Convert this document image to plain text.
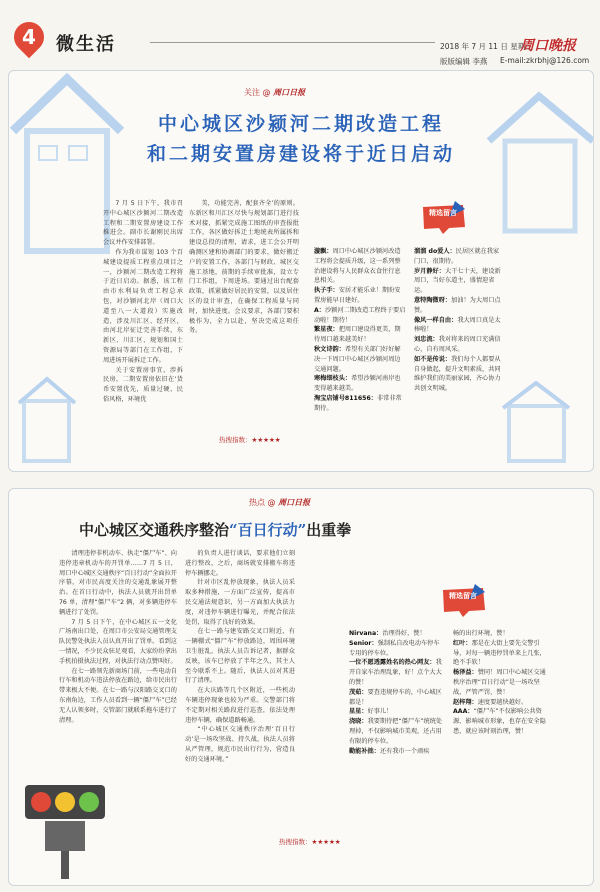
4	微生活	2018 年 7 月 11 日 星期三
周口晚报
版版编辑 李燕 E-mail:zkrbhj@126.com
关注 @ 周口日报
中心城区沙颍河二期改造工程
和二期安置房建设将于近日启动

7 月 5 日下午，我市召开中心城区沙颍河二期改造工程和二期安置房建设工作推进会。副市长谢刚民出席会议并作安排部署。

作为我市谋划 103 个百城建设提质工程重点项目之一，沙颍河二期改造工程将于近日启动。据悉，该工程由市水利局负责工程总承包，对沙颍河北岸（周口大道至八一大道段）实施改造，涉及川汇区、经开区，由河北岸征迁完善手续，东新区、川汇区、规划和国土资源局等部门在工作组，下周进场开展拆迁工作。

关于安置房事宜，涉拆民房，二期安置房依旧在‘货币安置优先，质量过硬，民俗风格，环境优

美，功能完善，配套齐全’的原则。东新区和川汇区尽快与规划部门进行技术对接，抓紧完成施工图纸的审查报批工作，各区做好拆迁土地统表所属拆和建设总投的清理，请求，进工会公开明确测区建和协调部门的要求，做好搬迁户的安置工作，各部门与财政、城区交施工基地，前期的手续审批准，设立专门工作组，下周进场。要通过出台配套政策，抓紧做好居民的安置，以及居住区的设计审查，在确保工程质量与同时，加快进度。会议要求，各部门要积极作为，全力以赴，坚决完成这项任务。

热搜指数：★★★★★
精选留言

漩飘：周口中心城区沙颍河改造工程将会提质升级，这一系列整治建设将与人民群众衣食住行息息相关。

执子手：安居才能乐业！期盼安置房能早日建好。

A：沙颍河二期改造工程终于要启动啦！期待！

繁星夜：把周口建设得更美，期待周口越来越美好！

秋文诗韵：希望有关部门好好解决一下周口中心城区沙颍河周边交通问题。

寒梅细枝头：希望沙颍河南岸也变得越来越美。

淘宝店铺号811656：非常非常期待。

溜溜 do爱人：民居区就在我家门口，很期待。

岁月静好：大干七十天，建设新周口，当好东道主，盛情迎省运。

意特陶微呀：加油！为大周口点赞。

像风一样自由：我大周口真是太棒啦！

刘忠流：我对将来的周口充满信心，自有周风采。

如不是传说：我们每个人都要从自身做起，提升文明素质，共同维护我们的美丽家园，齐心协力共创文明城。

热点 @ 周口日报
中心城区交通秩序整治“百日行动”出重拳

清理违停非机动车、执走“僵尸车”、向违停违章机动车的开罚单……7 月 5 日，周口中心城区交通秩序“百日行动”全面拉开序幕，对市民高度关注的交通乱象展开整治。在首日行动中，执法人员就开出罚单 76 单，清理“僵尸车”2 辆，对多辆违停车辆进行了处罚。

7 月 5 日下午，在中心城区五一文化广场南出口处，在周口市公安局交通管理支队民警处执法人员认真开出了罚单。看到这一情况，不少民众驻足观看，大家纷纷拿出手机拍摄执法过程，对执法行动点赞叫好。

在七一路领先新商场门前，一些电动自行车和机动车违法停放在路边，给市民出行带来极大不便。在七一路与汉阳路交叉口的东南角边，工作人员看到一辆“僵尸车”已经无人认领多时，交管部门就联系拖车进行了清理。

的负责人进行谈话，要求他们立刻进行整改，之后，商场就安排搬车将违停车辆挪走。

针对市区乱停放现象，执法人员采取多种措施，一方面广泛宣传，提高市民交通法规意识，另一方面加大执法力度，对违停车辆进行曝光，并配合依法处罚，取得了良好的效果。

在七一路与建安路交叉口附近，有一辆棚式“僵尸车”停放路边，周围环境卫生脏乱，执法人员告诉记者，据群众反映，该车已停放了半年之久，其主人至今联系不上。随后，执法人员对其进行了清理。

在大庆路等几个区附近，一些机动车辆违停现象也较为严重。交警部门将不定期对相关路段进行巡查，依法处理违停车辆，确保道路畅通。

“中心城区交通秩序治理‘百日行动’是一场攻坚战、持久战，执法人员将从严管理，规范市民出行行为，营造良好的交通环境。”

热搜指数：★★★★★
精选留言

Nirvana：治理得好，赞！

Senior：强制私自改电动车停车专用的停车位。

一位不愿透露姓名的热心网友：我开自家车治理乱象，好！点个大大的赞！

茂茹：要查违规停车的，中心城区都是！

星星：好事儿！

浇晓：我要期待把“僵尸车”统统处理掉，不仅影响城市美观，还占用有限的停车位。

勤能补拙：还有我市一个顽疾

畅的出行环境，赞！

红叶：那是在大街上要先交警引导，对每一辆违停罚单来上几张，绝不手软！

杨泽益：赞同！周口中心城区交通秩序治理“百日行动”是一场攻坚战，严管严罚，赞！

赵梓翔：速度要越快越好。

AAA：“僵尸车”不仅影响公共资源、影响城市形象，也存在安全隐患，就应该时刻治理，赞！
